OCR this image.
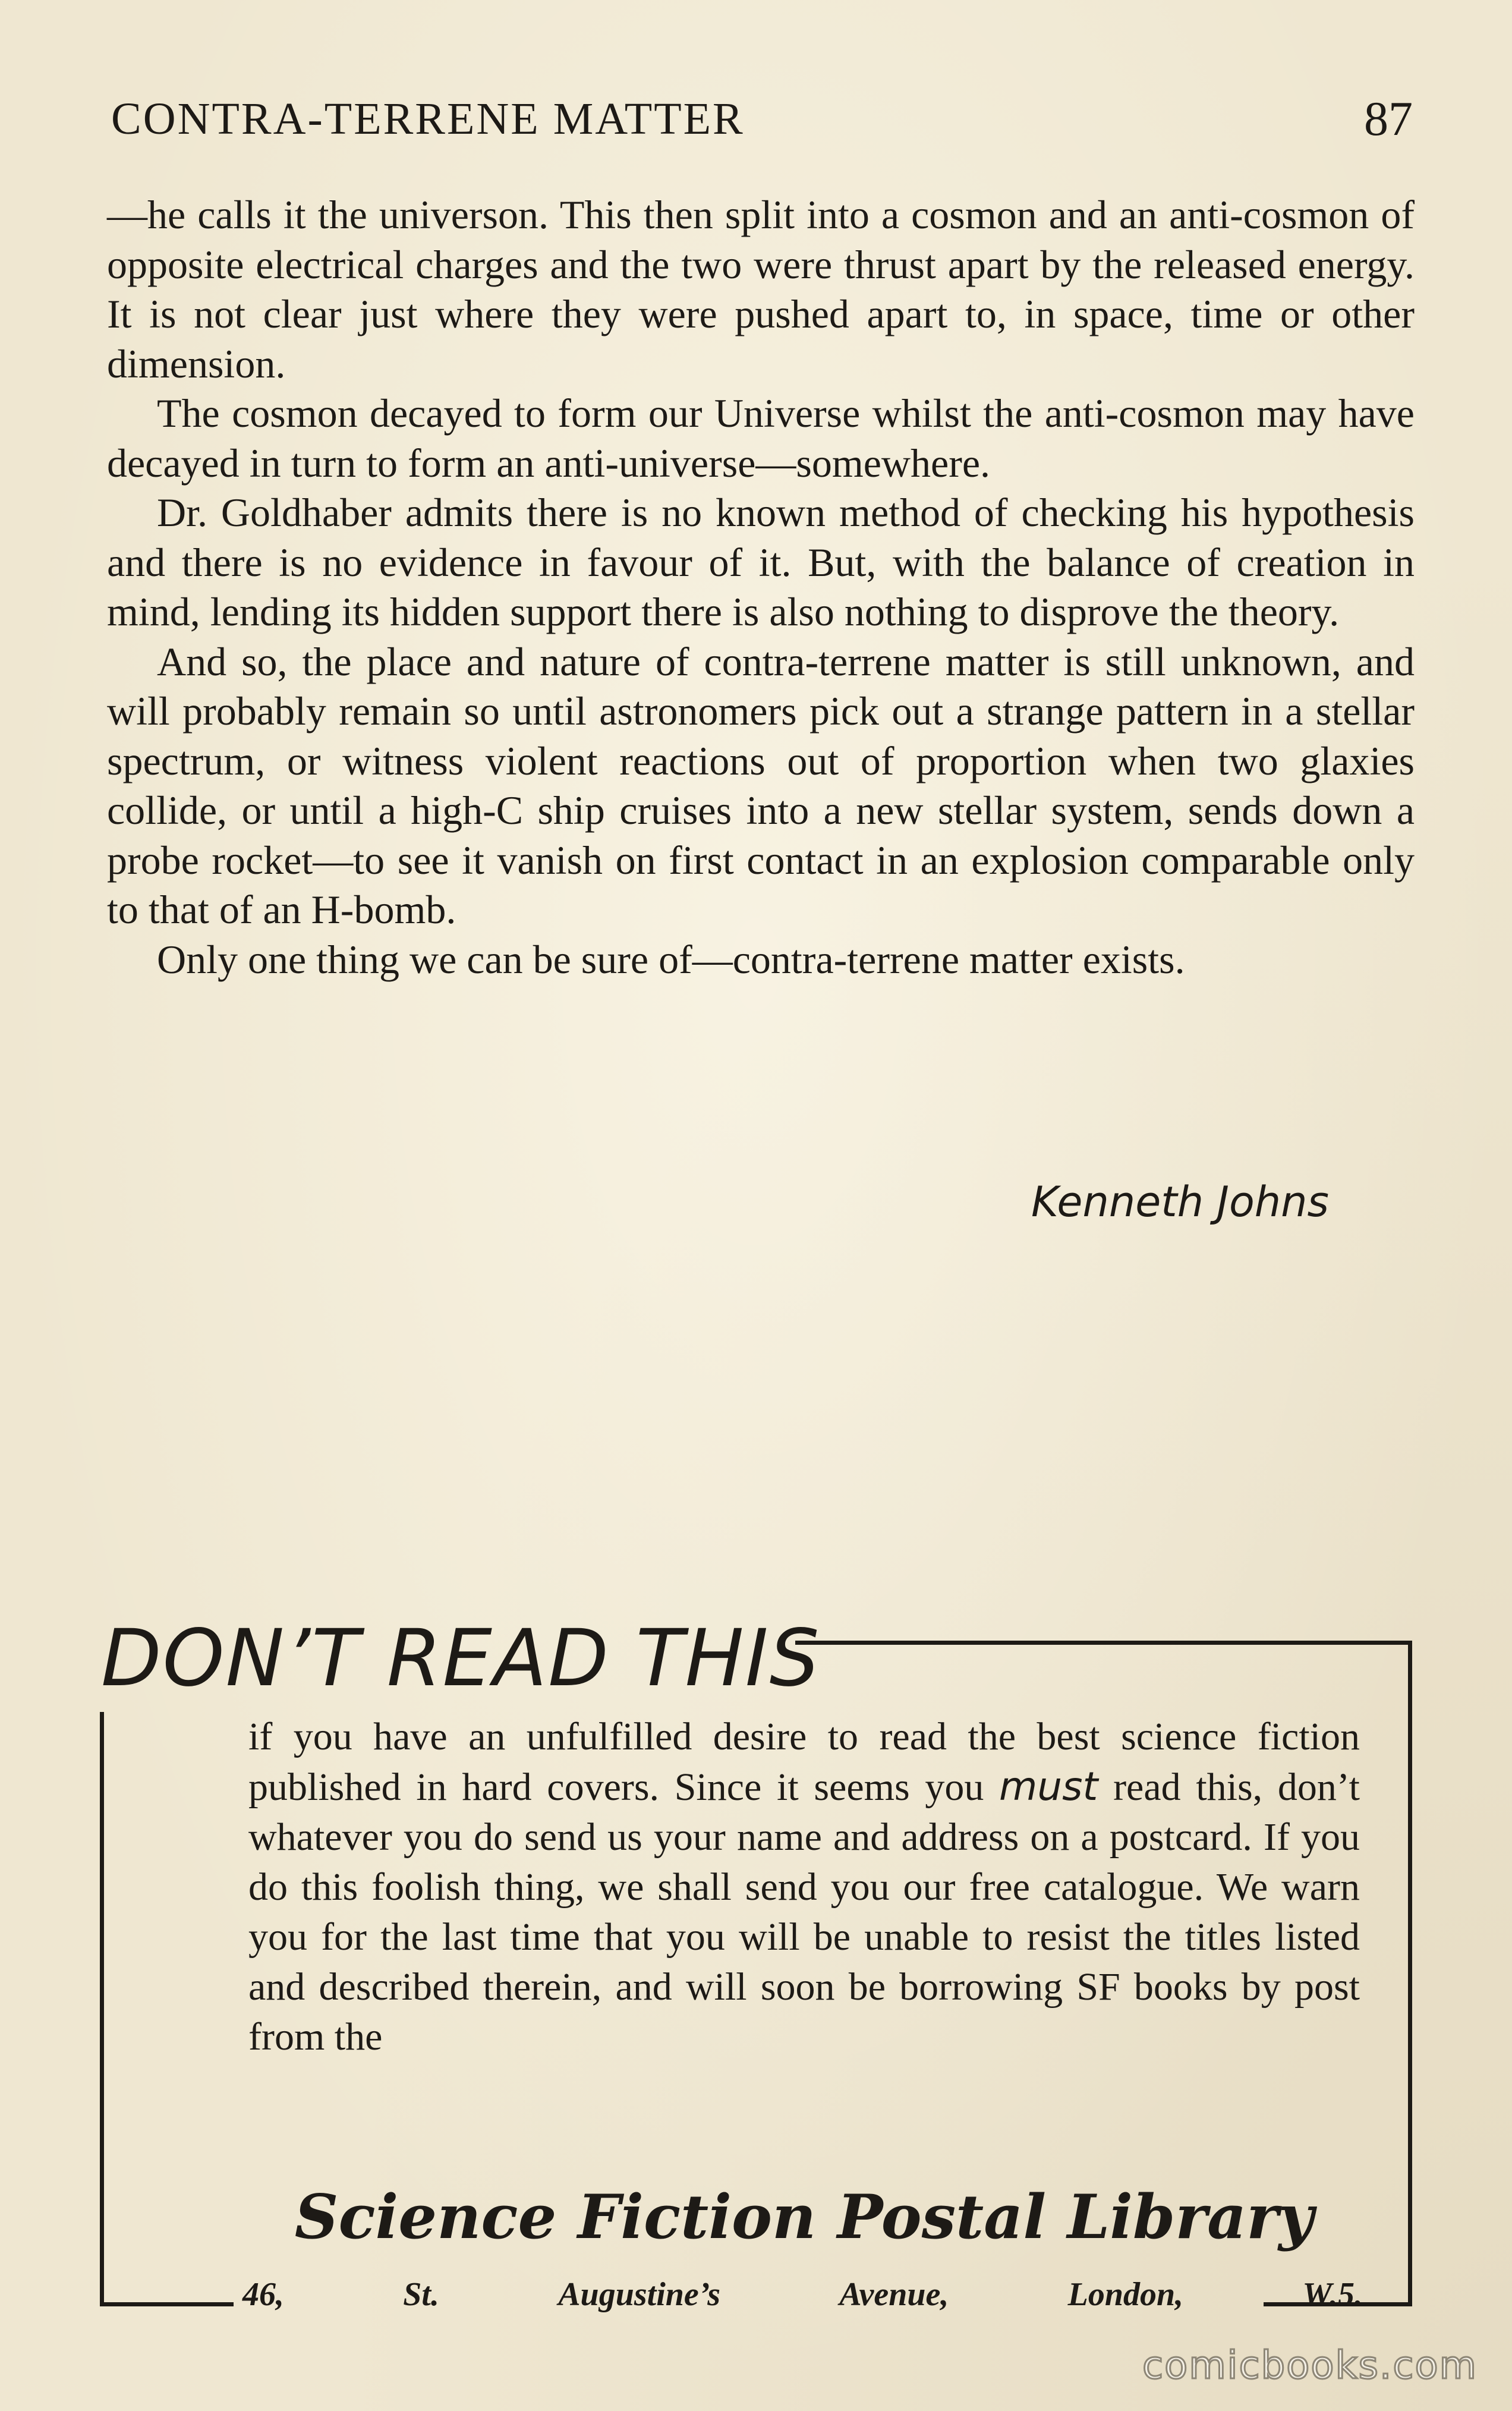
CONTRA-TERRENE MATTER	87

—he calls it the universon. This then split into a cosmon and an anti-cosmon of opposite electrical charges and the two were thrust apart by the released energy. It is not clear just where they were pushed apart to, in space, time or other dimension.

The cosmon decayed to form our Universe whilst the anti-cosmon may have decayed in turn to form an anti-universe—somewhere.

Dr. Goldhaber admits there is no known method of checking his hypothesis and there is no evidence in favour of it. But, with the balance of creation in mind, lending its hidden support there is also nothing to disprove the theory.

And so, the place and nature of contra-terrene matter is still unknown, and will probably remain so until astronomers pick out a strange pattern in a stellar spectrum, or witness violent reactions out of proportion when two glaxies collide, or until a high-C ship cruises into a new stellar system, sends down a probe rocket—to see it vanish on first contact in an explosion comparable only to that of an H-bomb.

Only one thing we can be sure of—contra-terrene matter exists.

Kenneth Johns
DON’T READ THIS
if you have an unfulfilled desire to read the best science fiction published in hard covers. Since it seems you must read this, don’t whatever you do send us your name and address on a postcard. If you do this foolish thing, we shall send you our free catalogue. We warn you for the last time that you will be unable to resist the titles listed and described therein, and will soon be borrowing SF books by post from the
Science Fiction Postal Library
46,	St.	Augustine’s	Avenue,	London,	W.5.
comicbooks.com
